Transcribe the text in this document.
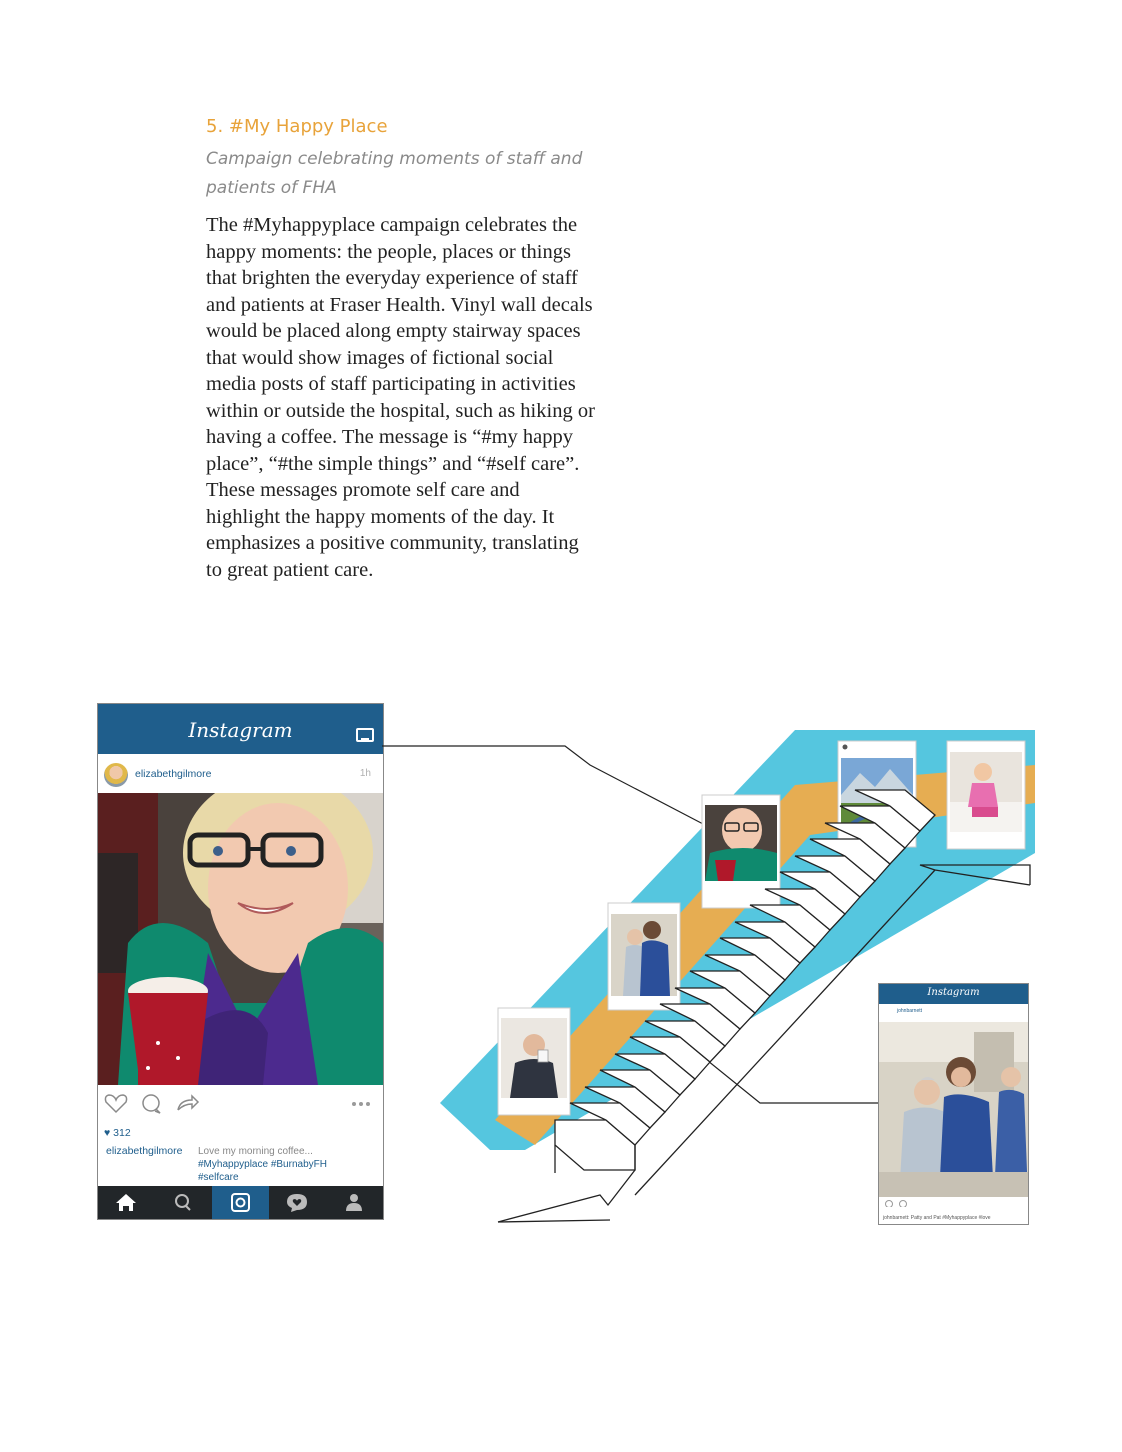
5. #My Happy Place
Campaign celebrating moments of staff and patients of FHA
The #Myhappyplace campaign celebrates the happy moments: the people, places or things that brighten the everyday experience of staff and patients at Fraser Health. Vinyl wall decals would be placed along empty stairway spaces that would show images of fictional social media posts of staff participating in activities within or outside the hospital, such as hiking or having a coffee. The message is “#my happy place”, “#the simple things” and “#self care”. These messages promote self care and highlight the happy moments of the day. It emphasizes a positive community, translating to great patient care.
Instagram
elizabethgilmore	1h
♥ 312
elizabethgilmore Love my morning coffee...
#Myhappyplace #BurnabyFH
#selfcare
Instagram
johnbarnett
johnbarnett: Patty and Pat #Myhappyplace #love
